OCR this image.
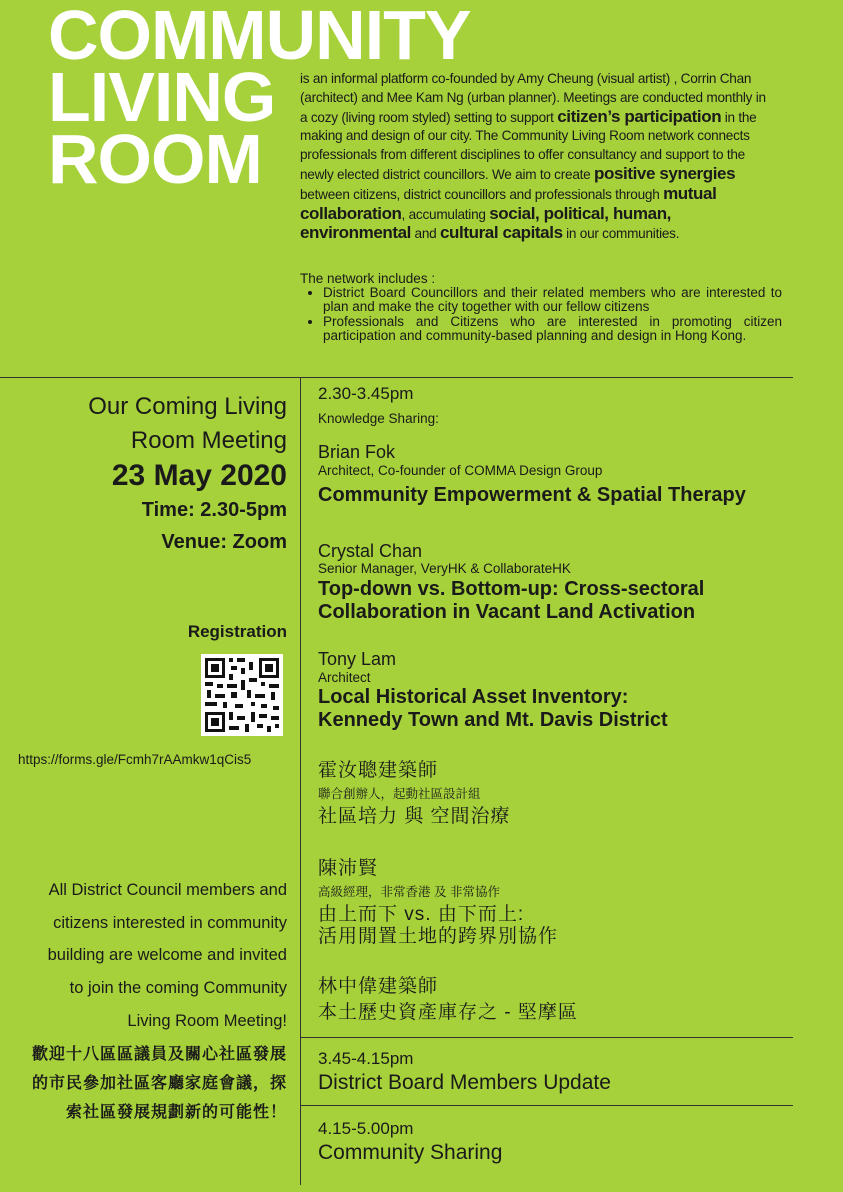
COMMUNITY
LIVING
ROOM
is an informal platform co-founded by Amy Cheung (visual artist) , Corrin Chan (architect) and Mee Kam Ng (urban planner). Meetings are conducted monthly in a cozy (living room styled) setting to support citizen’s participation in the making and design of our city. The Community Living Room network connects professionals from different disciplines to offer consultancy and support to the newly elected district councillors. We aim to create positive synergies between citizens, district councillors and professionals through mutual collaboration, accumulating social, political, human, environmental and cultural capitals in our communities.
The network includes :
• District Board Councillors and their related members who are interested to plan and make the city together with our fellow citizens
• Professionals and Citizens who are interested in promoting citizen participation and community-based planning and design in Hong Kong.
Our Coming Living
Room Meeting
23 May 2020
Time: 2.30-5pm
Venue: Zoom
Registration
https://forms.gle/Fcmh7rAAmkw1qCis5
All District Council members and
citizens interested in community
building are welcome and invited
to join the coming Community
Living Room Meeting!
歡迎十八區區議員及關心社區發展
的市民參加社區客廳家庭會議，探
索社區發展規劃新的可能性！
2.30-3.45pm
Knowledge Sharing:
Brian Fok
Architect, Co-founder of COMMA Design Group
Community Empowerment & Spatial Therapy
Crystal Chan
Senior Manager, VeryHK & CollaborateHK
Top-down vs. Bottom-up: Cross-sectoral
Collaboration in Vacant Land Activation
Tony Lam
Architect
Local Historical Asset Inventory:
Kennedy Town and Mt. Davis District
霍汝聰建築師
聯合創辦人，起動社區設計組
社區培力 與 空間治療
陳沛賢
高級經理，非常香港 及 非常協作
由上而下 vs. 由下而上:
活用閒置土地的跨界別協作
林中偉建築師
本土歷史資產庫存之 - 堅摩區
3.45-4.15pm
District Board Members Update
4.15-5.00pm
Community Sharing
